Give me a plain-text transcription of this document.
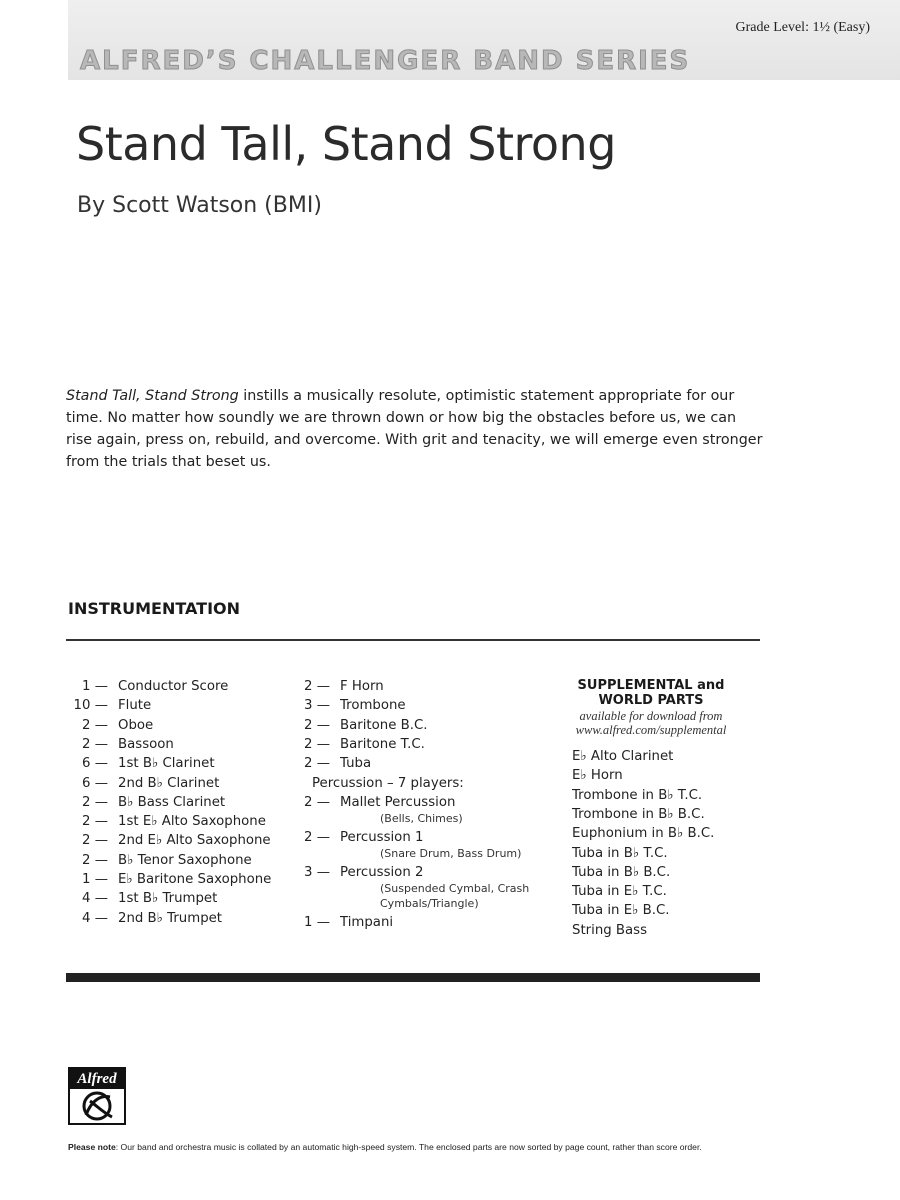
Grade Level: 1½ (Easy)
ALFRED’S CHALLENGER BAND SERIES
Stand Tall, Stand Strong
By Scott Watson (BMI)
Stand Tall, Stand Strong instills a musically resolute, optimistic statement appropriate for our time. No matter how soundly we are thrown down or how big the obstacles before us, we can rise again, press on, rebuild, and overcome. With grit and tenacity, we will emerge even stronger from the trials that beset us.
INSTRUMENTATION
1 — Conductor Score
10 — Flute
2 — Oboe
2 — Bassoon
6 — 1st B♭ Clarinet
6 — 2nd B♭ Clarinet
2 — B♭ Bass Clarinet
2 — 1st E♭ Alto Saxophone
2 — 2nd E♭ Alto Saxophone
2 — B♭ Tenor Saxophone
1 — E♭ Baritone Saxophone
4 — 1st B♭ Trumpet
4 — 2nd B♭ Trumpet
2 — F Horn
3 — Trombone
2 — Baritone B.C.
2 — Baritone T.C.
2 — Tuba
Percussion – 7 players:
2 — Mallet Percussion
(Bells, Chimes)
2 — Percussion 1
(Snare Drum, Bass Drum)
3 — Percussion 2
(Suspended Cymbal, Crash
Cymbals/Triangle)
1 — Timpani
SUPPLEMENTAL and
WORLD PARTS
available for download from
www.alfred.com/supplemental
E♭ Alto Clarinet
E♭ Horn
Trombone in B♭ T.C.
Trombone in B♭ B.C.
Euphonium in B♭ B.C.
Tuba in B♭ T.C.
Tuba in B♭ B.C.
Tuba in E♭ T.C.
Tuba in E♭ B.C.
String Bass
Alfred
Please note: Our band and orchestra music is collated by an automatic high-speed system. The enclosed parts are now sorted by page count, rather than score order.
